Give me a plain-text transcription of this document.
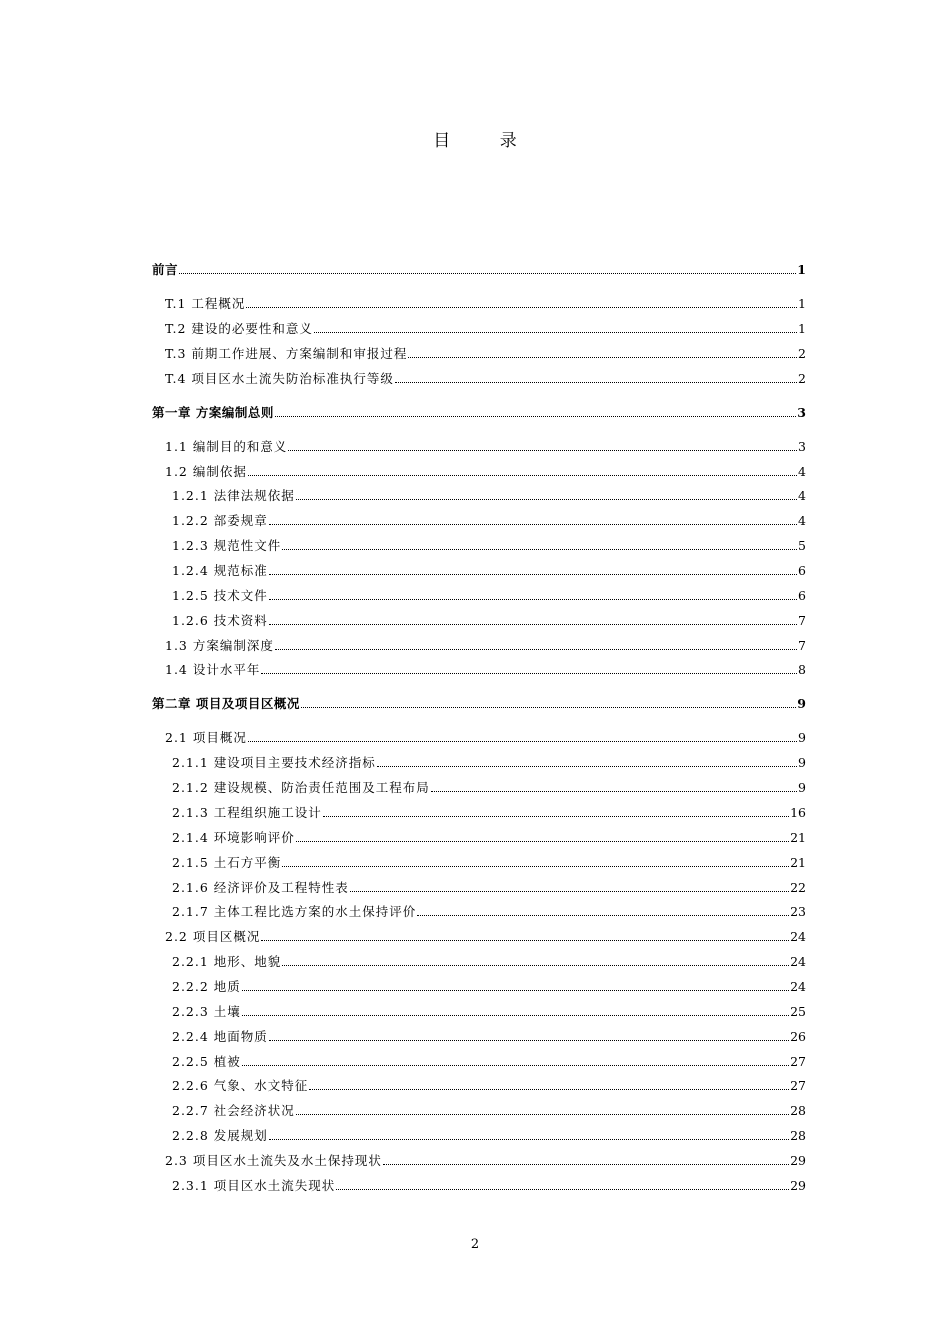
目 录
前言	1
T.1 工程概况	1
T.2 建设的必要性和意义	1
T.3 前期工作进展、方案编制和审报过程	2
T.4 项目区水土流失防治标准执行等级	2
第一章 方案编制总则	3
1.1 编制目的和意义	3
1.2 编制依据	4
1.2.1 法律法规依据	4
1.2.2 部委规章	4
1.2.3 规范性文件	5
1.2.4 规范标准	6
1.2.5 技术文件	6
1.2.6 技术资料	7
1.3 方案编制深度	7
1.4 设计水平年	8
第二章 项目及项目区概况	9
2.1 项目概况	9
2.1.1 建设项目主要技术经济指标	9
2.1.2 建设规模、防治责任范围及工程布局	9
2.1.3 工程组织施工设计	16
2.1.4 环境影响评价	21
2.1.5 土石方平衡	21
2.1.6 经济评价及工程特性表	22
2.1.7 主体工程比选方案的水土保持评价	23
2.2 项目区概况	24
2.2.1 地形、地貌	24
2.2.2 地质	24
2.2.3 土壤	25
2.2.4 地面物质	26
2.2.5 植被	27
2.2.6 气象、水文特征	27
2.2.7 社会经济状况	28
2.2.8 发展规划	28
2.3 项目区水土流失及水土保持现状	29
2.3.1 项目区水土流失现状	29
2
